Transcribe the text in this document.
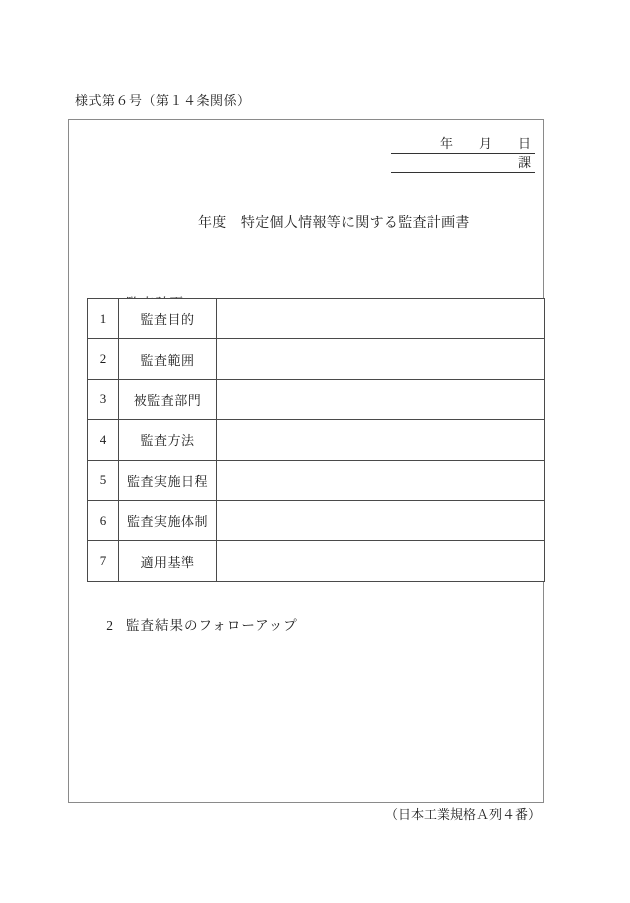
様式第６号（第１４条関係）
年　　月　　日
課
年度　特定個人情報等に関する監査計画書

1	監査目的	
2	監査範囲	
3	被監査部門	
4	監査方法	
5	監査実施日程	
6	監査実施体制	
7	適用基準	

2 監査結果のフォローアップ

（日本工業規格Ａ列４番）
